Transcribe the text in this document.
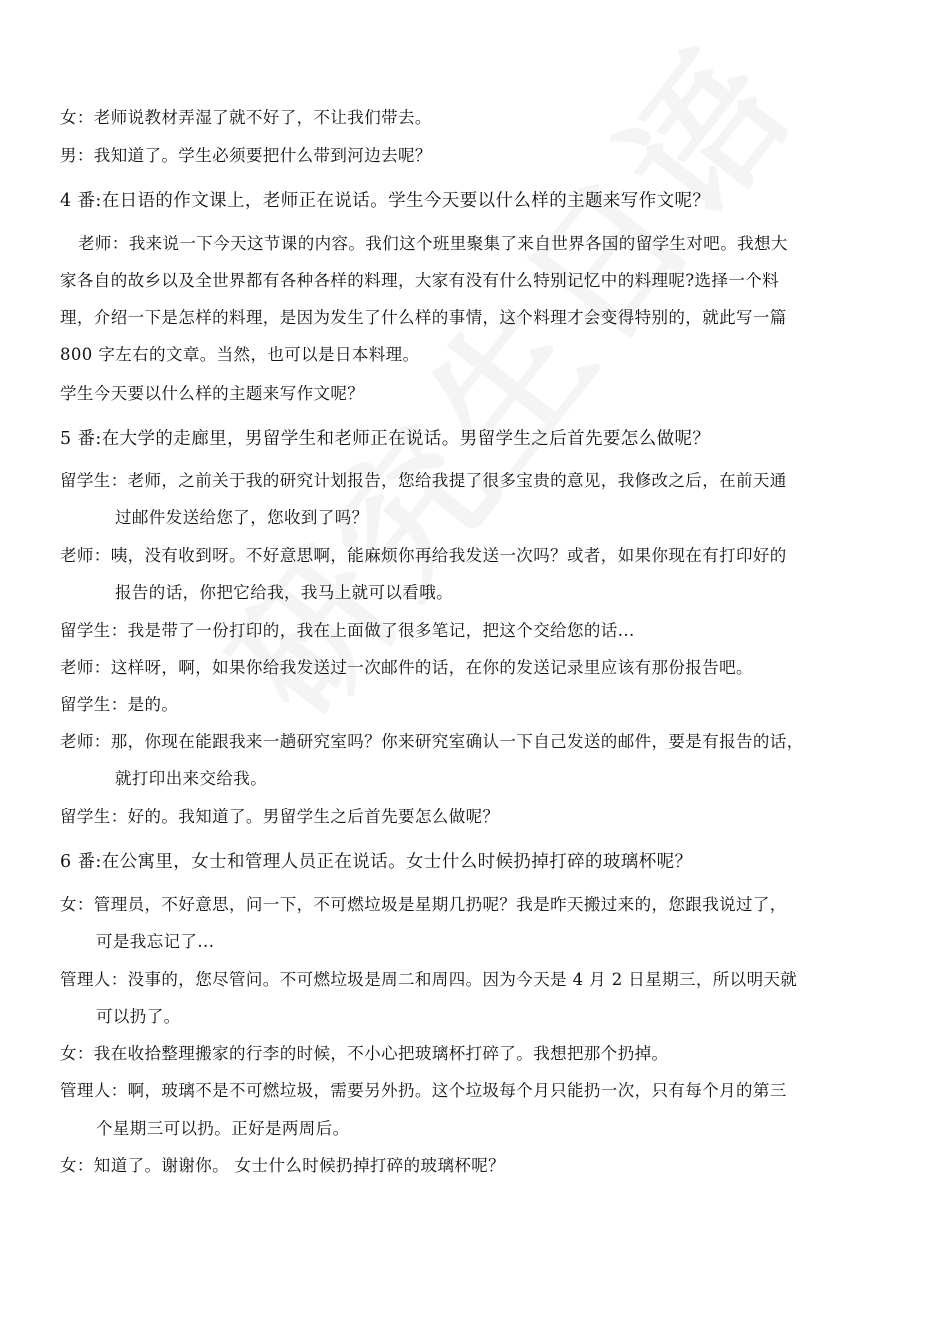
女：老师说教材弄湿了就不好了，不让我们带去。
男：我知道了。学生必须要把什么带到河边去呢？
4 番:在日语的作文课上，老师正在说话。学生今天要以什么样的主题来写作文呢？
老师：我来说一下今天这节课的内容。我们这个班里聚集了来自世界各国的留学生对吧。我想大
家各自的故乡以及全世界都有各种各样的料理，大家有没有什么特别记忆中的料理呢?选择一个料
理，介绍一下是怎样的料理，是因为发生了什么样的事情，这个料理才会变得特别的，就此写一篇
800 字左右的文章。当然，也可以是日本料理。
学生今天要以什么样的主题来写作文呢？
5 番:在大学的走廊里，男留学生和老师正在说话。男留学生之后首先要怎么做呢？
留学生：老师，之前关于我的研究计划报告，您给我提了很多宝贵的意见，我修改之后，在前天通
过邮件发送给您了，您收到了吗？
老师：咦，没有收到呀。不好意思啊，能麻烦你再给我发送一次吗？或者，如果你现在有打印好的
报告的话，你把它给我，我马上就可以看哦。
留学生：我是带了一份打印的，我在上面做了很多笔记，把这个交给您的话...
老师：这样呀，啊，如果你给我发送过一次邮件的话，在你的发送记录里应该有那份报告吧。
留学生：是的。
老师：那，你现在能跟我来一趟研究室吗？你来研究室确认一下自己发送的邮件，要是有报告的话，
就打印出来交给我。
留学生：好的。我知道了。男留学生之后首先要怎么做呢？
6 番:在公寓里，女士和管理人员正在说话。女士什么时候扔掉打碎的玻璃杯呢？
女：管理员，不好意思，问一下，不可燃垃圾是星期几扔呢？我是昨天搬过来的，您跟我说过了，
可是我忘记了...
管理人：没事的，您尽管问。不可燃垃圾是周二和周四。因为今天是 4 月 2 日星期三，所以明天就
可以扔了。
女：我在收拾整理搬家的行李的时候，不小心把玻璃杯打碎了。我想把那个扔掉。
管理人：啊，玻璃不是不可燃垃圾，需要另外扔。这个垃圾每个月只能扔一次，只有每个月的第三
个星期三可以扔。正好是两周后。
女：知道了。谢谢你。 女士什么时候扔掉打碎的玻璃杯呢？
